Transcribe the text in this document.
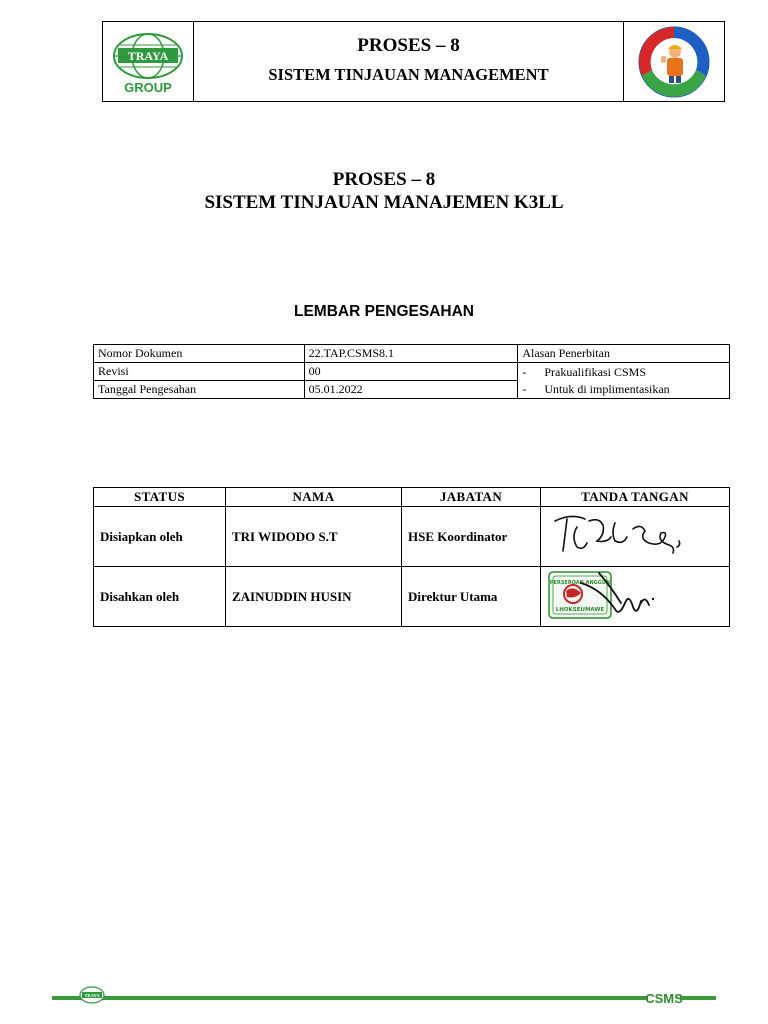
TRAYA
GROUP
PROSES – 8
SISTEM TINJAUAN MANAGEMENT
PROSES – 8
SISTEM TINJAUAN MANAJEMEN K3LL
LEMBAR PENGESAHAN
Nomor Dokumen	22.TAP.CSMS8.1	Alasan Penerbitan
Revisi	00	- Prakualifikasi CSMS
- Untuk di implimentasikan

Tanggal Pengesahan	05.01.2022	
STATUS	NAMA	JABATAN	TANDA TANGAN
Disiapkan oleh	TRI WIDODO S.T	HSE Koordinator	
Disahkan oleh	ZAINUDDIN HUSIN	Direktur Utama	PERSEROAN ANGGUN
LHOKSEUMAWE
TRAYA	CSMS
